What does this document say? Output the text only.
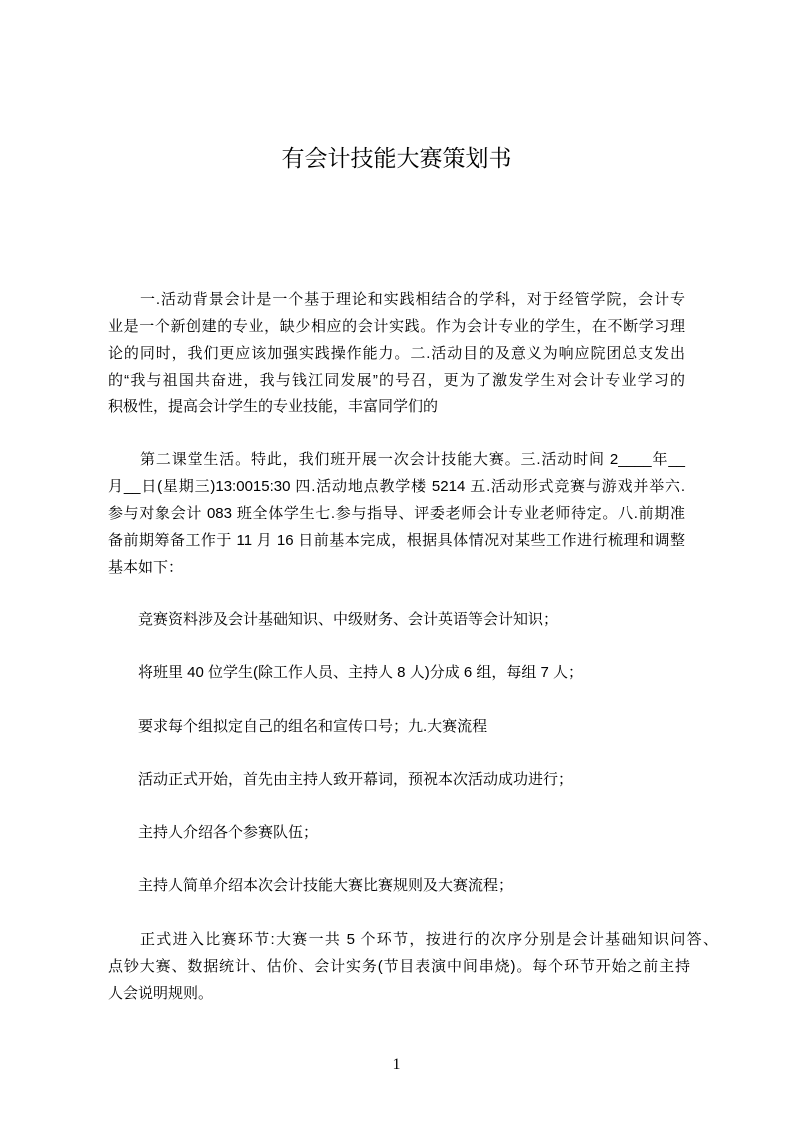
有会计技能大赛策划书
一.活动背景会计是一个基于理论和实践相结合的学科，对于经管学院，会计专
业是一个新创建的专业，缺少相应的会计实践。作为会计专业的学生，在不断学习理
论的同时，我们更应该加强实践操作能力。二.活动目的及意义为响应院团总支发出
的“我与祖国共奋进，我与钱江同发展”的号召，更为了激发学生对会计专业学习的
积极性，提高会计学生的专业技能，丰富同学们的
第二课堂生活。特此，我们班开展一次会计技能大赛。三.活动时间 2____年__
月__日(星期三)13:0015:30 四.活动地点教学楼 5214 五.活动形式竞赛与游戏并举六.
参与对象会计 083 班全体学生七.参与指导、评委老师会计专业老师待定。八.前期准
备前期筹备工作于 11 月 16 日前基本完成，根据具体情况对某些工作进行梳理和调整
基本如下：
竞赛资料涉及会计基础知识、中级财务、会计英语等会计知识；
将班里 40 位学生(除工作人员、主持人 8 人)分成 6 组，每组 7 人；
要求每个组拟定自己的组名和宣传口号；九.大赛流程
活动正式开始，首先由主持人致开幕词，预祝本次活动成功进行；
主持人介绍各个参赛队伍；
主持人简单介绍本次会计技能大赛比赛规则及大赛流程；
正式进入比赛环节:大赛一共 5 个环节，按进行的次序分别是会计基础知识问答、
点钞大赛、数据统计、估价、会计实务(节目表演中间串烧)。每个环节开始之前主持
人会说明规则。
1
